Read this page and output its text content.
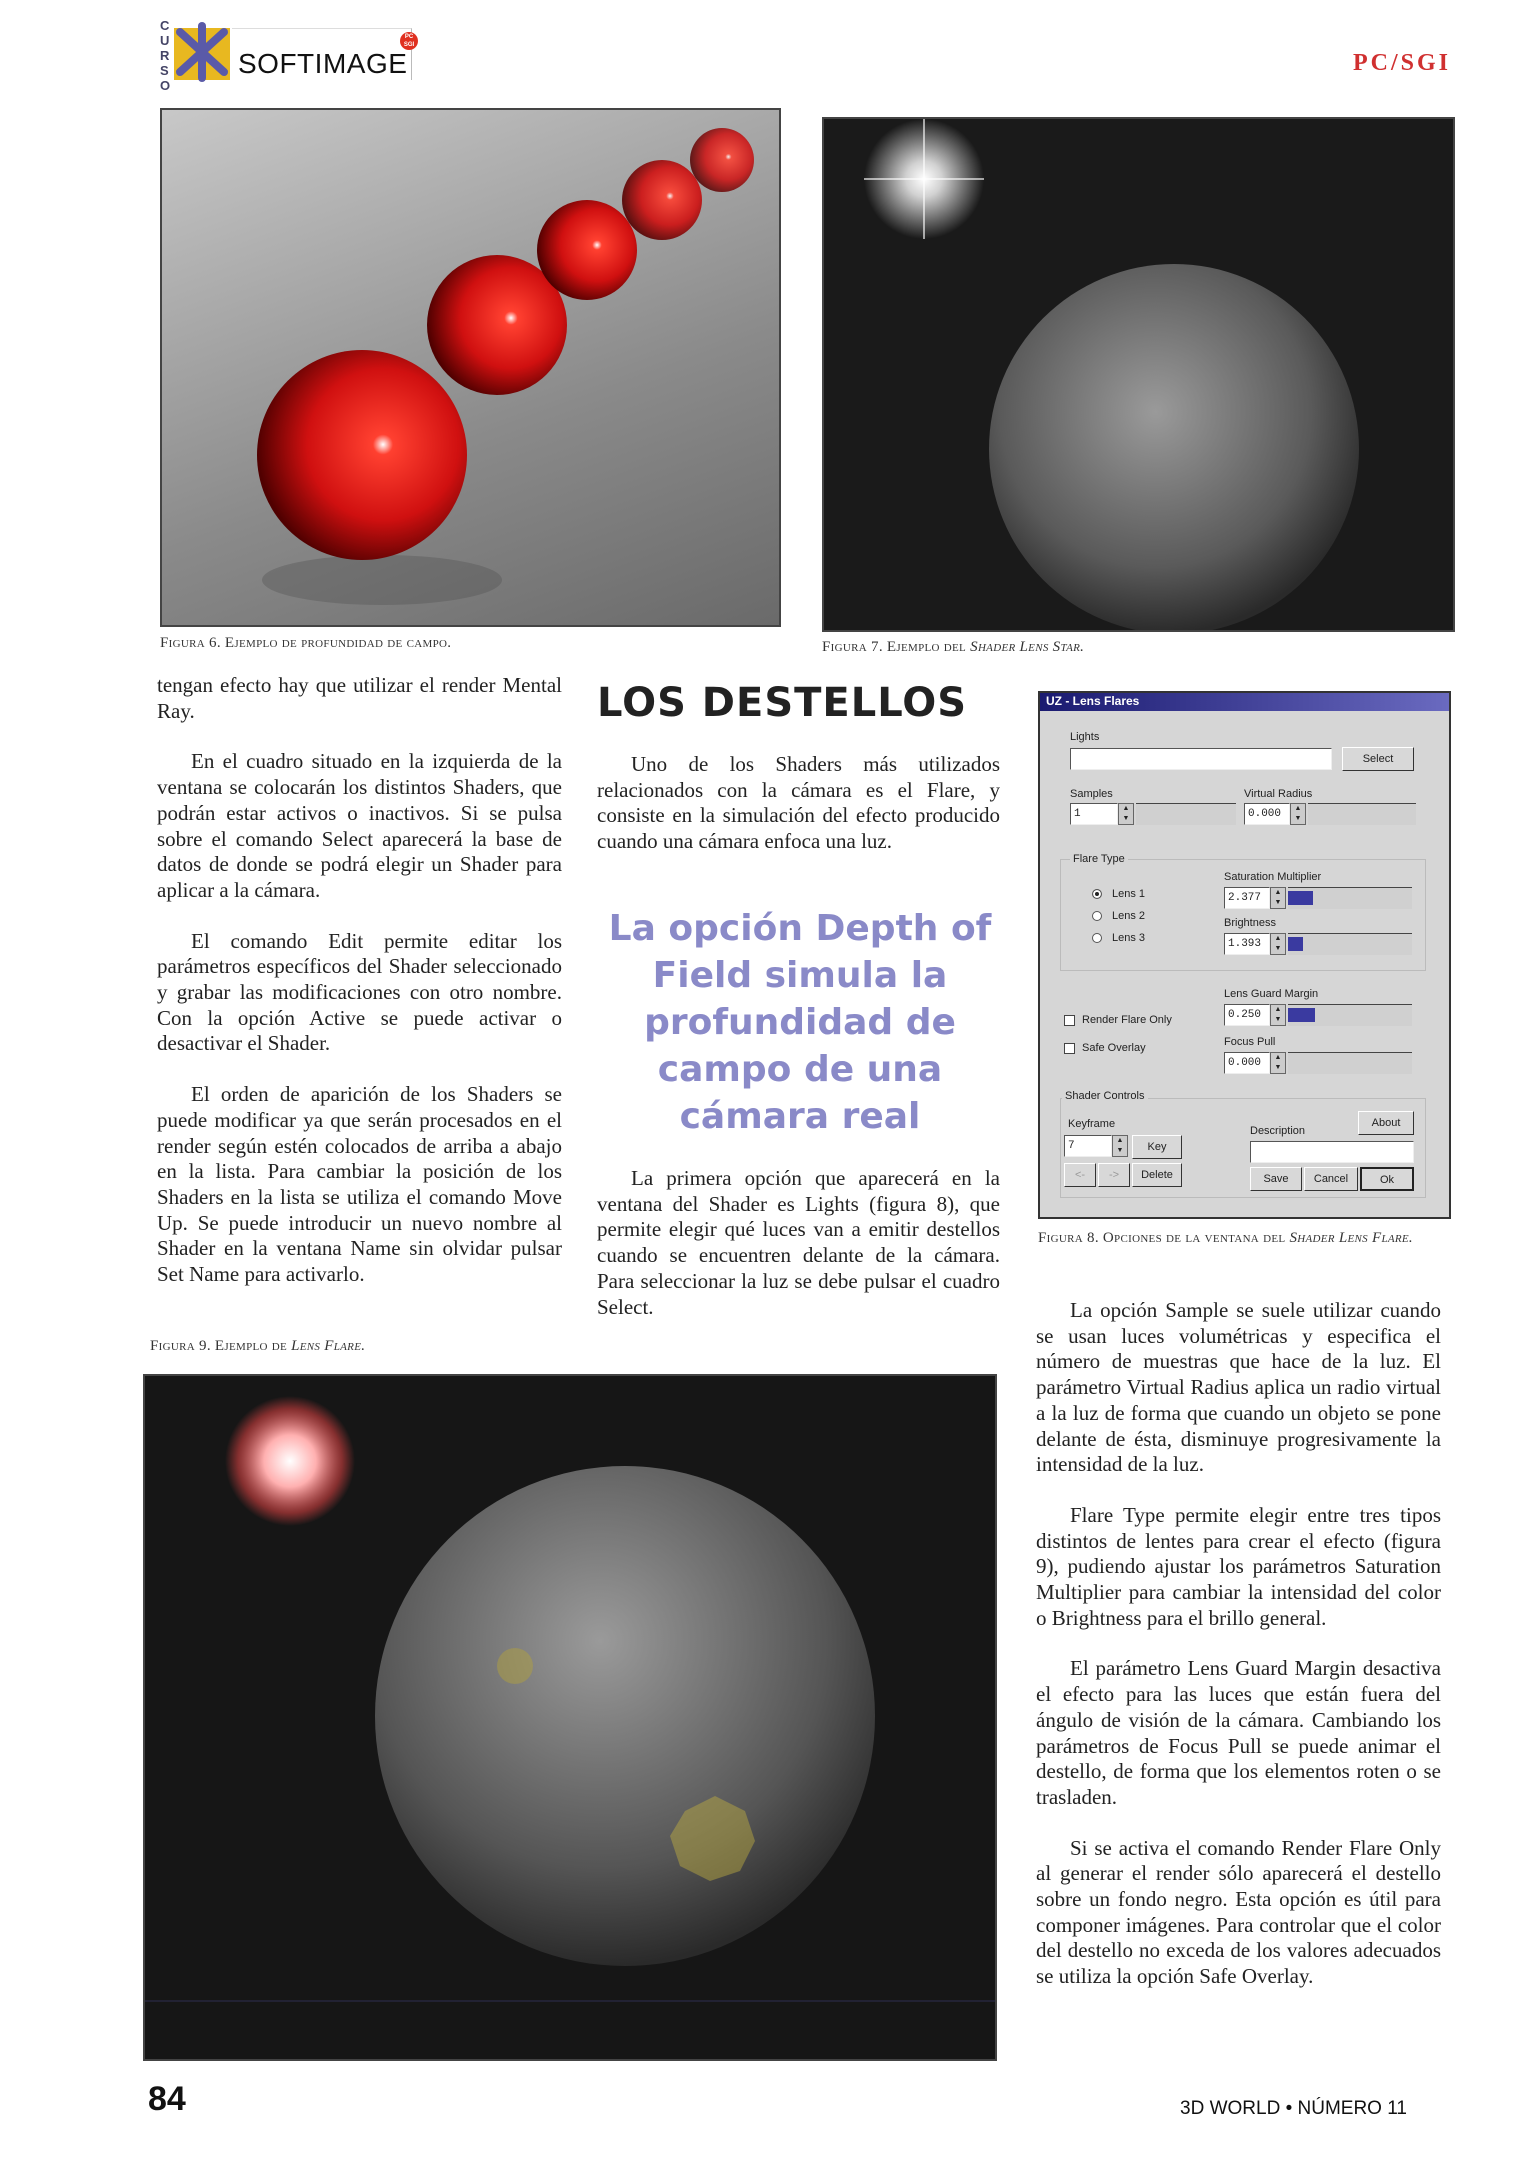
CURSO
SOFTIMAGE
PC SGI
PC/SGI
Figura 6. Ejemplo de profundidad de campo.	Figura 7. Ejemplo del Shader Lens Star.

tengan efecto hay que utilizar el render Mental Ray.

En el cuadro situado en la izquierda de la ventana se colocarán los distintos Shaders, que podrán estar activos o inactivos. Si se pulsa sobre el comando Select aparecerá la base de datos de donde se podrá elegir un Shader para aplicar a la cámara.

El comando Edit permite editar los parámetros específicos del Shader seleccionado y grabar las modificaciones con otro nombre. Con la opción Active se puede activar o desactivar el Shader.

El orden de aparición de los Shaders se puede modificar ya que serán procesados en el render según estén colocados de arriba a abajo en la lista. Para cambiar la posición de los Shaders en la lista se utiliza el comando Move Up. Se puede introducir un nuevo nombre al Shader en la ventana Name sin olvidar pulsar Set Name para activarlo.

LOS DESTELLOS

Uno de los Shaders más utilizados relacionados con la cámara es el Flare, y consiste en la simulación del efecto producido cuando una cámara enfoca una luz.

La opción Depth of Field simula la profundidad de campo de una cámara real

La primera opción que aparecerá en la ventana del Shader es Lights (figura 8), que permite elegir qué luces van a emitir destellos cuando se encuentren delante de la cámara. Para seleccionar la luz se debe pulsar el cuadro Select.

UZ - Lens Flares
Lights
Select
Samples
1	▲
▼
Virtual Radius
0.000	▲
▼
Flare Type
Lens 1
Lens 2
Lens 3
Saturation Multiplier
2.377	▲
▼
Brightness
1.393	▲
▼
Lens Guard Margin
0.250	▲
▼
Focus Pull
0.000	▲
▼
Render Flare Only
Safe Overlay
Shader Controls
Keyframe
7	▲
▼	Key
<-	->	Delete
Description
About
Save	Cancel	Ok
Figura 8. Opciones de la ventana del Shader Lens Flare.

La opción Sample se suele utilizar cuando se usan luces volumétricas y especifica el número de muestras que hace de la luz. El parámetro Virtual Radius aplica un radio virtual a la luz de forma que cuando un objeto se pone delante de ésta, disminuye progresivamente la intensidad de la luz.

Flare Type permite elegir entre tres tipos distintos de lentes para crear el efecto (figura 9), pudiendo ajustar los parámetros Saturation Multiplier para cambiar la intensidad del color o Brightness para el brillo general.

El parámetro Lens Guard Margin desactiva el efecto para las luces que están fuera del ángulo de visión de la cámara. Cambiando los parámetros de Focus Pull se puede animar el destello, de forma que los elementos roten o se trasladen.

Si se activa el comando Render Flare Only al generar el render sólo aparecerá el destello sobre un fondo negro. Esta opción es útil para componer imágenes. Para controlar que el color del destello no exceda de los valores adecuados se utiliza la opción Safe Overlay.

Figura 9. Ejemplo de Lens Flare.
84	3D WORLD • NÚMERO 11
